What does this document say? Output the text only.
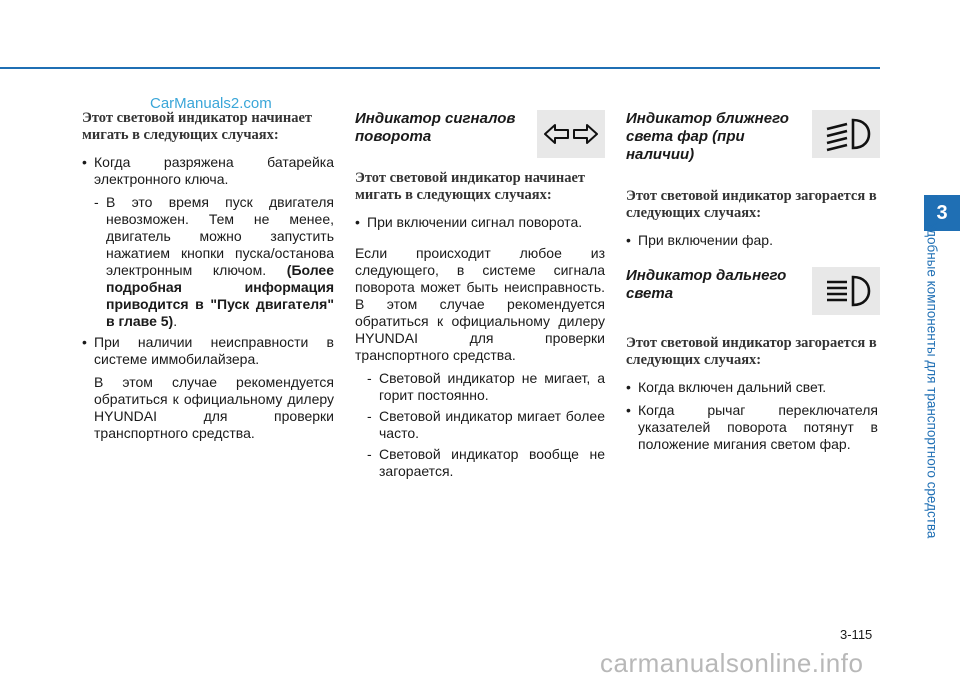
CarManuals2.com

Этот световой индикатор начинает мигать в следующих случаях:

• Когда разряжена батарейка электронного ключа.

- В это время пуск двигателя невозможен. Тем не менее, двигатель можно запустить нажатием кнопки пуска/останова электронным ключом. (Более подробная информация приводится в "Пуск двигателя" в главе 5).

• При наличии неисправности в системе иммобилайзера.

В этом случае рекомендуется обратиться к официальному дилеру HYUNDAI для проверки транспортного средства.

Индикатор сигналов поворота

Этот световой индикатор начинает мигать в следующих случаях:

• При включении сигнал поворота.

Если происходит любое из следующего, в системе сигнала поворота может быть неисправность. В этом случае рекомендуется обратиться к официальному дилеру HYUNDAI для проверки транспортного средства.

- Световой индикатор не мигает, а горит постоянно.
- Световой индикатор мигает более часто.
- Световой индикатор вообще не загорается.

Индикатор ближнего света фар (при наличии)

Этот световой индикатор загорается в следующих случаях:

• При включении фар.

Индикатор дальнего света

Этот световой индикатор загорается в следующих случаях:

• Когда включен дальний свет.

• Когда рычаг переключателя указателей поворота потянут в положение мигания светом фар.

3
Удобные компоненты для транспортного средства
3-115
carmanualsonline.info
